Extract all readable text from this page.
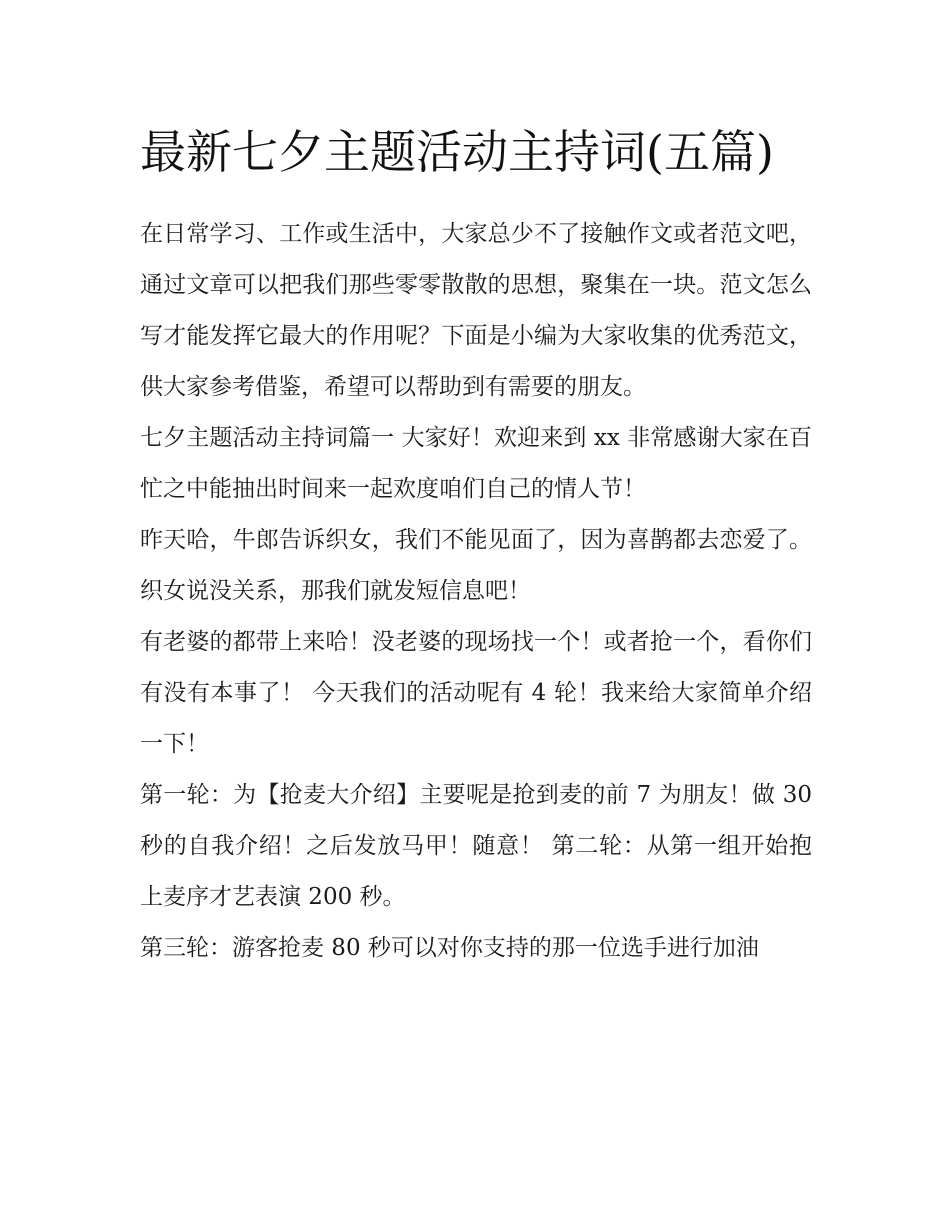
最新七夕主题活动主持词(五篇)

在日常学习、工作或生活中，大家总少不了接触作文或者范文吧，通过文章可以把我们那些零零散散的思想，聚集在一块。范文怎么写才能发挥它最大的作用呢？下面是小编为大家收集的优秀范文，供大家参考借鉴，希望可以帮助到有需要的朋友。

七夕主题活动主持词篇一 大家好！欢迎来到 xx 非常感谢大家在百忙之中能抽出时间来一起欢度咱们自己的情人节！

昨天哈，牛郎告诉织女，我们不能见面了，因为喜鹊都去恋爱了。织女说没关系，那我们就发短信息吧！

有老婆的都带上来哈！没老婆的现场找一个！或者抢一个，看你们有没有本事了！ 今天我们的活动呢有 4 轮！我来给大家简单介绍一下！

第一轮：为【抢麦大介绍】主要呢是抢到麦的前 7 为朋友！做 30 秒的自我介绍！之后发放马甲！随意！ 第二轮：从第一组开始抱上麦序才艺表演 200 秒。

第三轮：游客抢麦 80 秒可以对你支持的那一位选手进行加油
